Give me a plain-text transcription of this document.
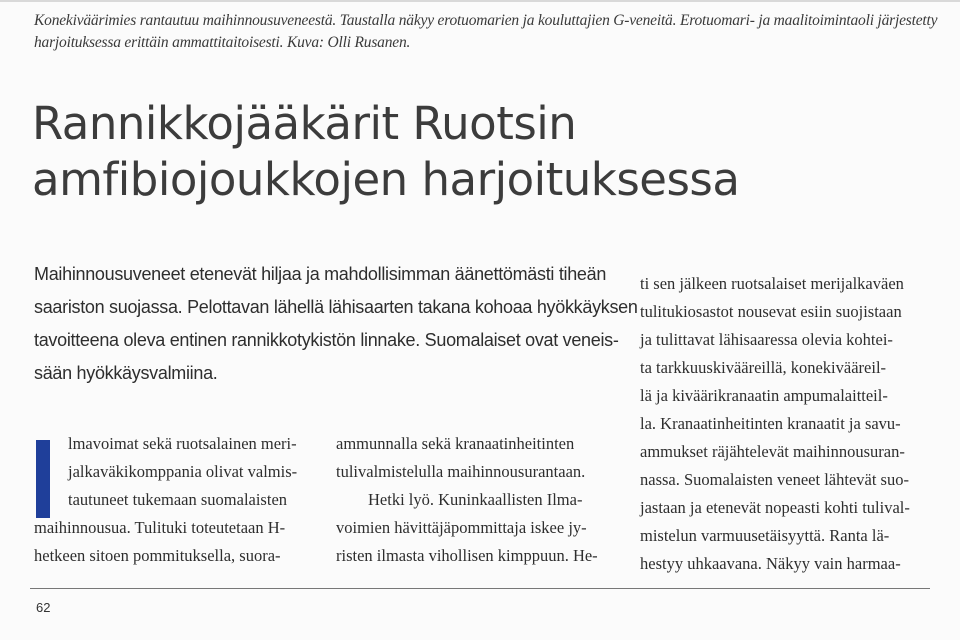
Konekiväärimies rantautuu maihinnousuveneestä. Taustalla näkyy erotuomarien ja kouluttajien G-veneitä. Erotuomari- ja maalitoimintaoli järjestetty
harjoituksessa erittäin ammattitaitoisesti. Kuva: Olli Rusanen.
Rannikkojääkärit Ruotsin
amfibiojoukkojen harjoituksessa
Maihinnousuveneet etenevät hiljaa ja mahdollisimman äänettömästi tiheän
saariston suojassa. Pelottavan lähellä lähisaarten takana kohoaa hyökkäyksen
tavoitteena oleva entinen rannikkotykistön linnake. Suomalaiset ovat veneis-
sään hyökkäysvalmiina.
lmavoimat sekä ruotsalainen meri-
jalkaväkikomppania olivat valmis-
tautuneet tukemaan suomalaisten
maihinnousua. Tulituki toteutetaan H-
hetkeen sitoen pommituksella, suora-
ammunnalla sekä kranaatinheitinten
tulivalmistelulla maihinnousurantaan.
Hetki lyö. Kuninkaallisten Ilma-
voimien hävittäjäpommittaja iskee jy-
risten ilmasta vihollisen kimppuun. He-
ti sen jälkeen ruotsalaiset merijalkaväen
tulitukiosastot nousevat esiin suojistaan
ja tulittavat lähisaaressa olevia kohtei-
ta tarkkuuskivääreillä, konekivääreil-
lä ja kiväärikranaatin ampumalaitteil-
la. Kranaatinheitinten kranaatit ja savu-
ammukset räjähtelevät maihinnousuran-
nassa. Suomalaisten veneet lähtevät suo-
jastaan ja etenevät nopeasti kohti tulival-
mistelun varmuusetäisyyttä. Ranta lä-
hestyy uhkaavana. Näkyy vain harmaa-
62
